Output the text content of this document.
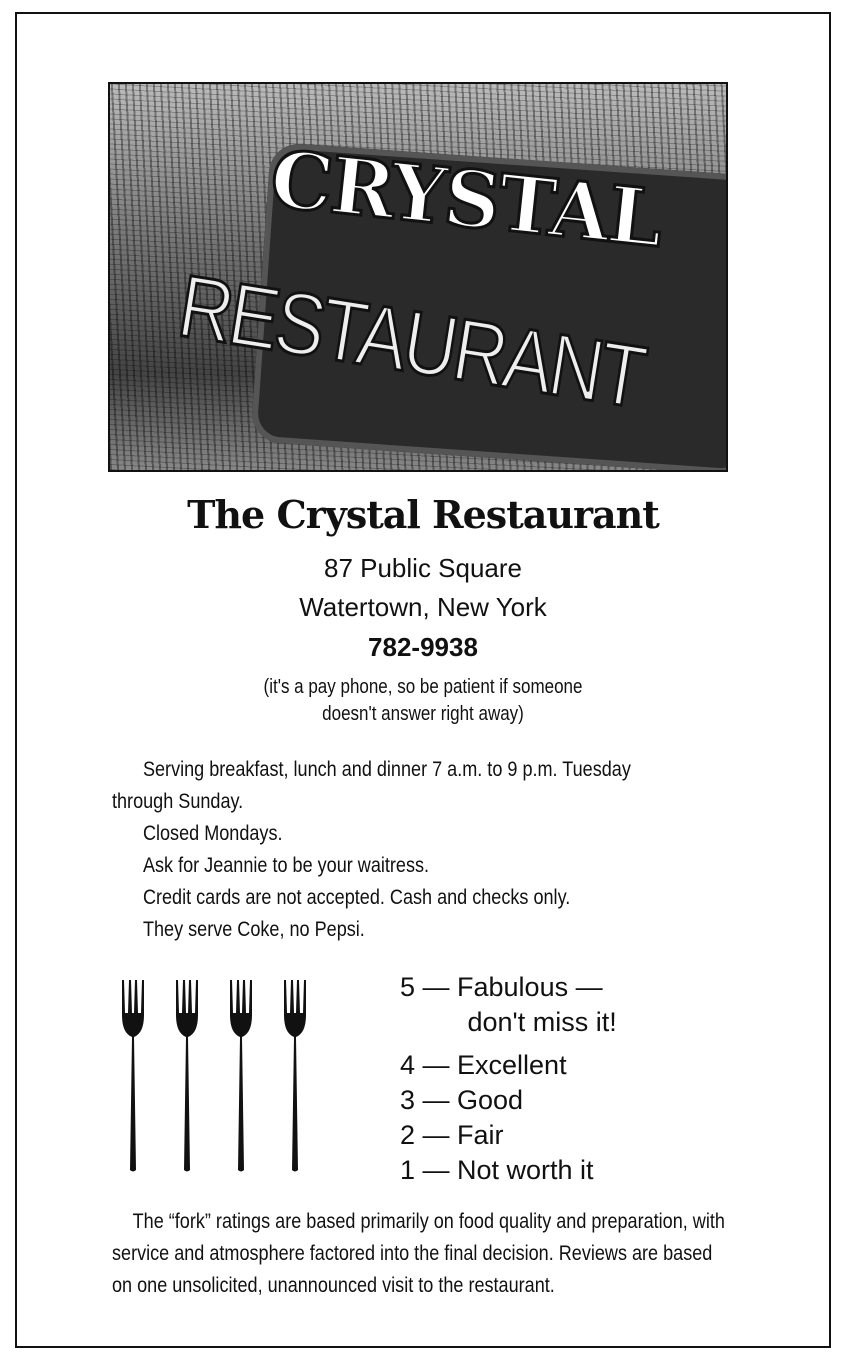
CRYSTAL
RESTAURANT
The Crystal Restaurant
87 Public Square
Watertown, New York
782-9938
(it's a pay phone, so be patient if someone
doesn't answer right away)

Serving breakfast, lunch and dinner 7 a.m. to 9 p.m. Tuesday through Sunday.

Closed Mondays.

Ask for Jeannie to be your waitress.

Credit cards are not accepted. Cash and checks only.

They serve Coke, no Pepsi.

5 — Fabulous —
don't miss it!
4 — Excellent
3 — Good
2 — Fair
1 — Not worth it
The “fork” ratings are based primarily on food quality and preparation, with service and atmosphere factored into the final decision. Reviews are based on one unsolicited, unannounced visit to the restaurant.
